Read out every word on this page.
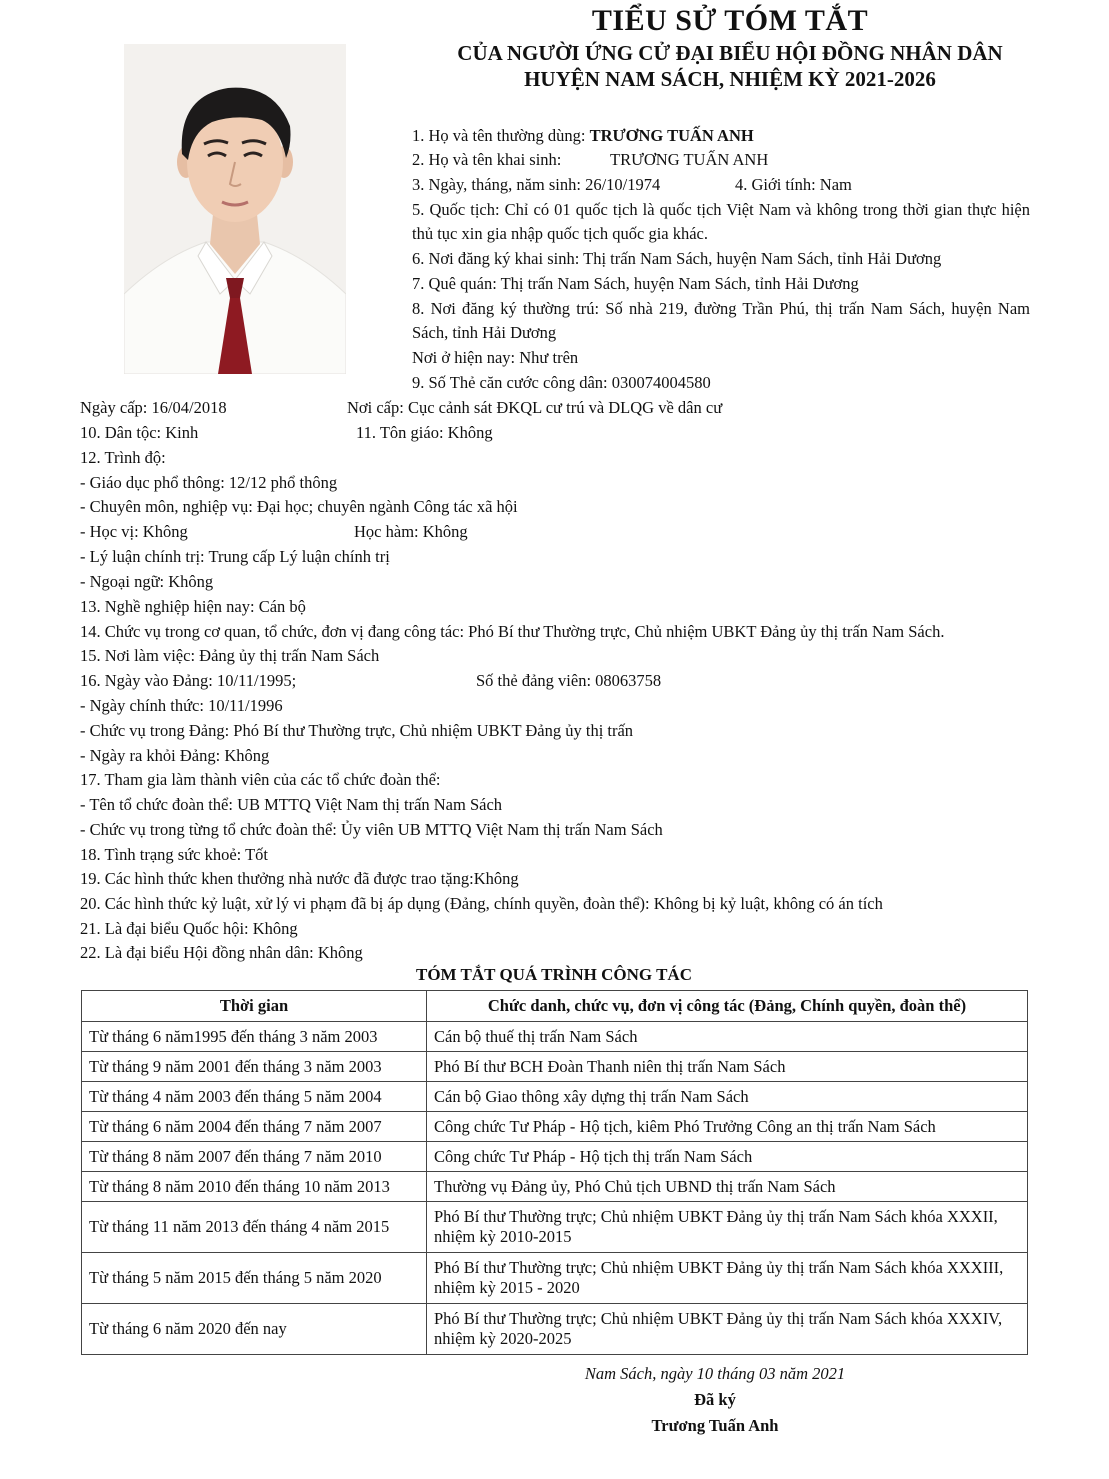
TIỂU SỬ TÓM TẮT
CỦA NGƯỜI ỨNG CỬ ĐẠI BIỂU HỘI ĐỒNG NHÂN DÂN
HUYỆN NAM SÁCH, NHIỆM KỲ 2021-2026
1. Họ và tên thường dùng: TRƯƠNG TUẤN ANH
2. Họ và tên khai sinh:	TRƯƠNG TUẤN ANH
3. Ngày, tháng, năm sinh: 26/10/1974	4. Giới tính: Nam
5. Quốc tịch: Chỉ có 01 quốc tịch là quốc tịch Việt Nam và không trong thời gian thực hiện thủ tục xin gia nhập quốc tịch quốc gia khác.
6. Nơi đăng ký khai sinh: Thị trấn Nam Sách, huyện Nam Sách, tỉnh Hải Dương
7. Quê quán: Thị trấn Nam Sách, huyện Nam Sách, tỉnh Hải Dương
8. Nơi đăng ký thường trú: Số nhà 219, đường Trần Phú, thị trấn Nam Sách, huyện Nam Sách, tỉnh Hải Dương
Nơi ở hiện nay: Như trên
9. Số Thẻ căn cước công dân: 030074004580
Ngày cấp: 16/04/2018	Nơi cấp: Cục cảnh sát ĐKQL cư trú và DLQG về dân cư
10. Dân tộc: Kinh	11. Tôn giáo: Không
12. Trình độ:
- Giáo dục phổ thông: 12/12 phổ thông
- Chuyên môn, nghiệp vụ: Đại học; chuyên ngành Công tác xã hội
- Học vị: Không	Học hàm: Không
- Lý luận chính trị: Trung cấp Lý luận chính trị
- Ngoại ngữ: Không
13. Nghề nghiệp hiện nay: Cán bộ
14. Chức vụ trong cơ quan, tổ chức, đơn vị đang công tác: Phó Bí thư Thường trực, Chủ nhiệm UBKT Đảng ủy thị trấn Nam Sách.
15. Nơi làm việc: Đảng ủy thị trấn Nam Sách
16. Ngày vào Đảng: 10/11/1995;	Số thẻ đảng viên: 08063758
- Ngày chính thức: 10/11/1996
- Chức vụ trong Đảng: Phó Bí thư Thường trực, Chủ nhiệm UBKT Đảng ủy thị trấn
- Ngày ra khỏi Đảng: Không
17. Tham gia làm thành viên của các tổ chức đoàn thể:
- Tên tổ chức đoàn thể: UB MTTQ Việt Nam thị trấn Nam Sách
- Chức vụ trong từng tổ chức đoàn thể: Ủy viên UB MTTQ Việt Nam thị trấn Nam Sách
18. Tình trạng sức khoẻ: Tốt
19. Các hình thức khen thưởng nhà nước đã được trao tặng:Không
20. Các hình thức kỷ luật, xử lý vi phạm đã bị áp dụng (Đảng, chính quyền, đoàn thể): Không bị kỷ luật, không có án tích
21. Là đại biểu Quốc hội: Không
22. Là đại biểu Hội đồng nhân dân: Không
TÓM TẮT QUÁ TRÌNH CÔNG TÁC
Thời gian	Chức danh, chức vụ, đơn vị công tác (Đảng, Chính quyền, đoàn thể)
Từ tháng 6 năm1995 đến tháng 3 năm 2003	Cán bộ thuế thị trấn Nam Sách
Từ tháng 9 năm 2001 đến tháng 3 năm 2003	Phó Bí thư BCH Đoàn Thanh niên thị trấn Nam Sách
Từ tháng 4 năm 2003 đến tháng 5 năm 2004	Cán bộ Giao thông xây dựng thị trấn Nam Sách
Từ tháng 6 năm 2004 đến tháng 7 năm 2007	Công chức Tư Pháp - Hộ tịch, kiêm Phó Trưởng Công an thị trấn Nam Sách
Từ tháng 8 năm 2007 đến tháng 7 năm 2010	Công chức Tư Pháp - Hộ tịch thị trấn Nam Sách
Từ tháng 8 năm 2010 đến tháng 10 năm 2013	Thường vụ Đảng ủy, Phó Chủ tịch UBND thị trấn Nam Sách
Từ tháng 11 năm 2013 đến tháng 4 năm 2015	Phó Bí thư Thường trực; Chủ nhiệm UBKT Đảng ủy thị trấn Nam Sách khóa XXXII, nhiệm kỳ 2010-2015
Từ tháng 5 năm 2015 đến tháng 5 năm 2020	Phó Bí thư Thường trực; Chủ nhiệm UBKT Đảng ủy thị trấn Nam Sách khóa XXXIII, nhiệm kỳ 2015 - 2020
Từ tháng 6 năm 2020 đến nay	Phó Bí thư Thường trực; Chủ nhiệm UBKT Đảng ủy thị trấn Nam Sách khóa XXXIV, nhiệm kỳ 2020-2025
Nam Sách, ngày 10 tháng 03 năm 2021
Đã ký
Trương Tuấn Anh
